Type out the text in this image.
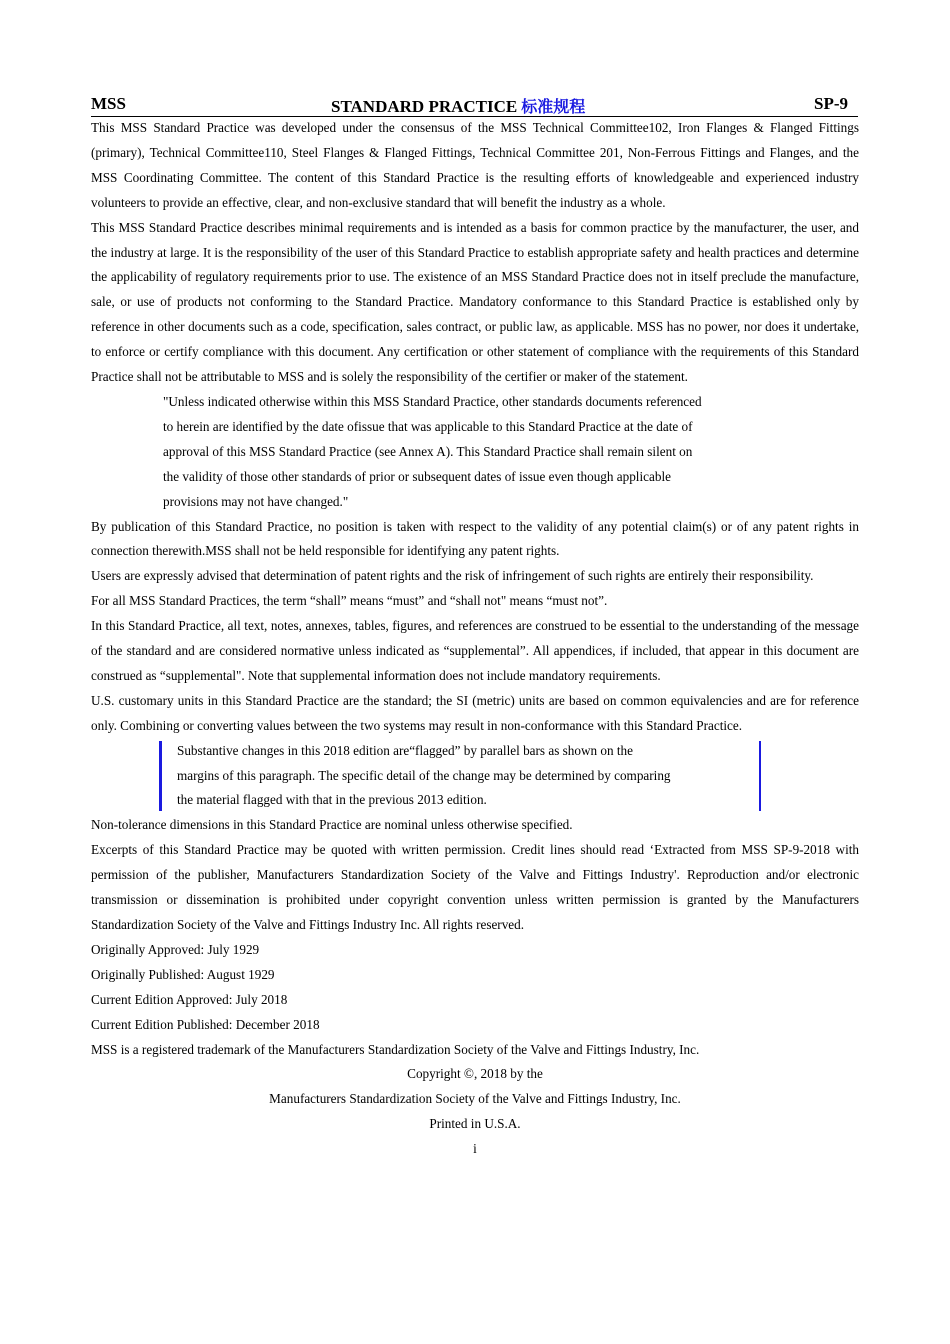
MSS	STANDARD PRACTICE 标准规程	SP-9

This MSS Standard Practice was developed under the consensus of the MSS Technical Committee102, Iron Flanges & Flanged Fittings (primary), Technical Committee110, Steel Flanges & Flanged Fittings, Technical Committee 201, Non-Ferrous Fittings and Flanges, and the MSS Coordinating Committee. The content of this Standard Practice is the resulting efforts of knowledgeable and experienced industry volunteers to provide an effective, clear, and non-exclusive standard that will benefit the industry as a whole.

This MSS Standard Practice describes minimal requirements and is intended as a basis for common practice by the manufacturer, the user, and the industry at large. It is the responsibility of the user of this Standard Practice to establish appropriate safety and health practices and determine the applicability of regulatory requirements prior to use. The existence of an MSS Standard Practice does not in itself preclude the manufacture, sale, or use of products not conforming to the Standard Practice. Mandatory conformance to this Standard Practice is established only by reference in other documents such as a code, specification, sales contract, or public law, as applicable. MSS has no power, nor does it undertake, to enforce or certify compliance with this document. Any certification or other statement of compliance with the requirements of this Standard Practice shall not be attributable to MSS and is solely the responsibility of the certifier or maker of the statement.

"Unless indicated otherwise within this MSS Standard Practice, other standards documents referenced

to herein are identified by the date ofissue that was applicable to this Standard Practice at the date of

approval of this MSS Standard Practice (see Annex A). This Standard Practice shall remain silent on

the validity of those other standards of prior or subsequent dates of issue even though applicable

provisions may not have changed."

By publication of this Standard Practice, no position is taken with respect to the validity of any potential claim(s) or of any patent rights in connection therewith.MSS shall not be held responsible for identifying any patent rights.

Users are expressly advised that determination of patent rights and the risk of infringement of such rights are entirely their responsibility.

For all MSS Standard Practices, the term “shall” means “must” and “shall not" means “must not”.

In this Standard Practice, all text, notes, annexes, tables, figures, and references are construed to be essential to the understanding of the message of the standard and are considered normative unless indicated as “supplemental”. All appendices, if included, that appear in this document are construed as “supplemental". Note that supplemental information does not include mandatory requirements.

U.S. customary units in this Standard Practice are the standard; the SI (metric) units are based on common equivalencies and are for reference only. Combining or converting values between the two systems may result in non-conformance with this Standard Practice.

Substantive changes in this 2018 edition are“flagged” by parallel bars as shown on the

margins of this paragraph. The specific detail of the change may be determined by comparing

the material flagged with that in the previous 2013 edition.

Non-tolerance dimensions in this Standard Practice are nominal unless otherwise specified.

Excerpts of this Standard Practice may be quoted with written permission. Credit lines should read ‘Extracted from MSS SP-9-2018 with permission of the publisher, Manufacturers Standardization Society of the Valve and Fittings Industry'. Reproduction and/or electronic transmission or dissemination is prohibited under copyright convention unless written permission is granted by the Manufacturers Standardization Society of the Valve and Fittings Industry Inc. All rights reserved.

Originally Approved: July 1929

Originally Published: August 1929

Current Edition Approved: July 2018

Current Edition Published: December 2018

MSS is a registered trademark of the Manufacturers Standardization Society of the Valve and Fittings Industry, Inc.

Copyright ©, 2018 by the

Manufacturers Standardization Society of the Valve and Fittings Industry, Inc.

Printed in U.S.A.

i
